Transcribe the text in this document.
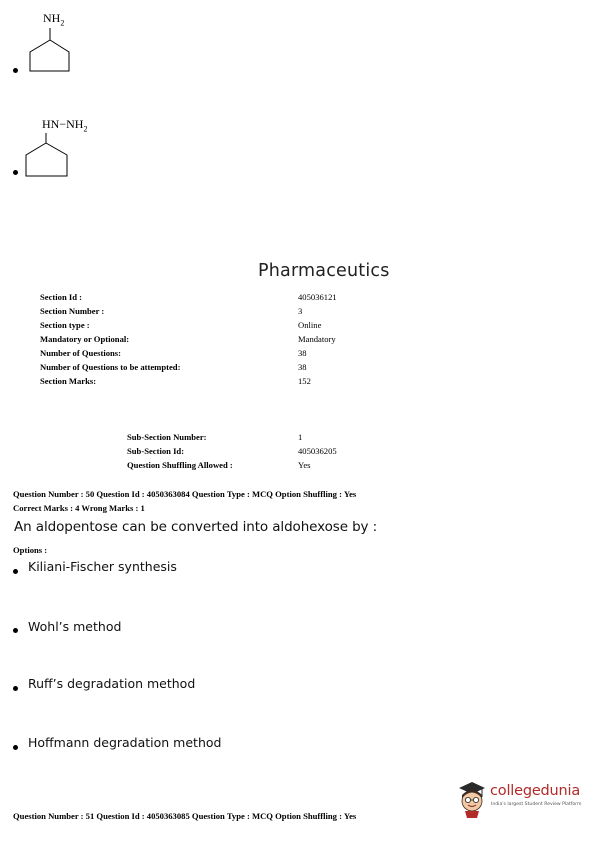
$NH_2$
$HN-NH_2$
Pharmaceutics
Section Id :	405036121
Section Number :	3
Section type :	Online
Mandatory or Optional:	Mandatory
Number of Questions:	38
Number of Questions to be attempted:	38
Section Marks:	152
Sub-Section Number:	1
Sub-Section Id:	405036205
Question Shuffling Allowed :	Yes
Question Number : 50 Question Id : 4050363084 Question Type : MCQ Option Shuffling : Yes
Correct Marks : 4 Wrong Marks : 1
An aldopentose can be converted into aldohexose by :
Options :
Kiliani-Fischer synthesis
Wohl’s method
Ruff’s degradation method
Hoffmann degradation method
collegedunia
India's largest Student Review Platform
Question Number : 51 Question Id : 4050363085 Question Type : MCQ Option Shuffling : Yes
